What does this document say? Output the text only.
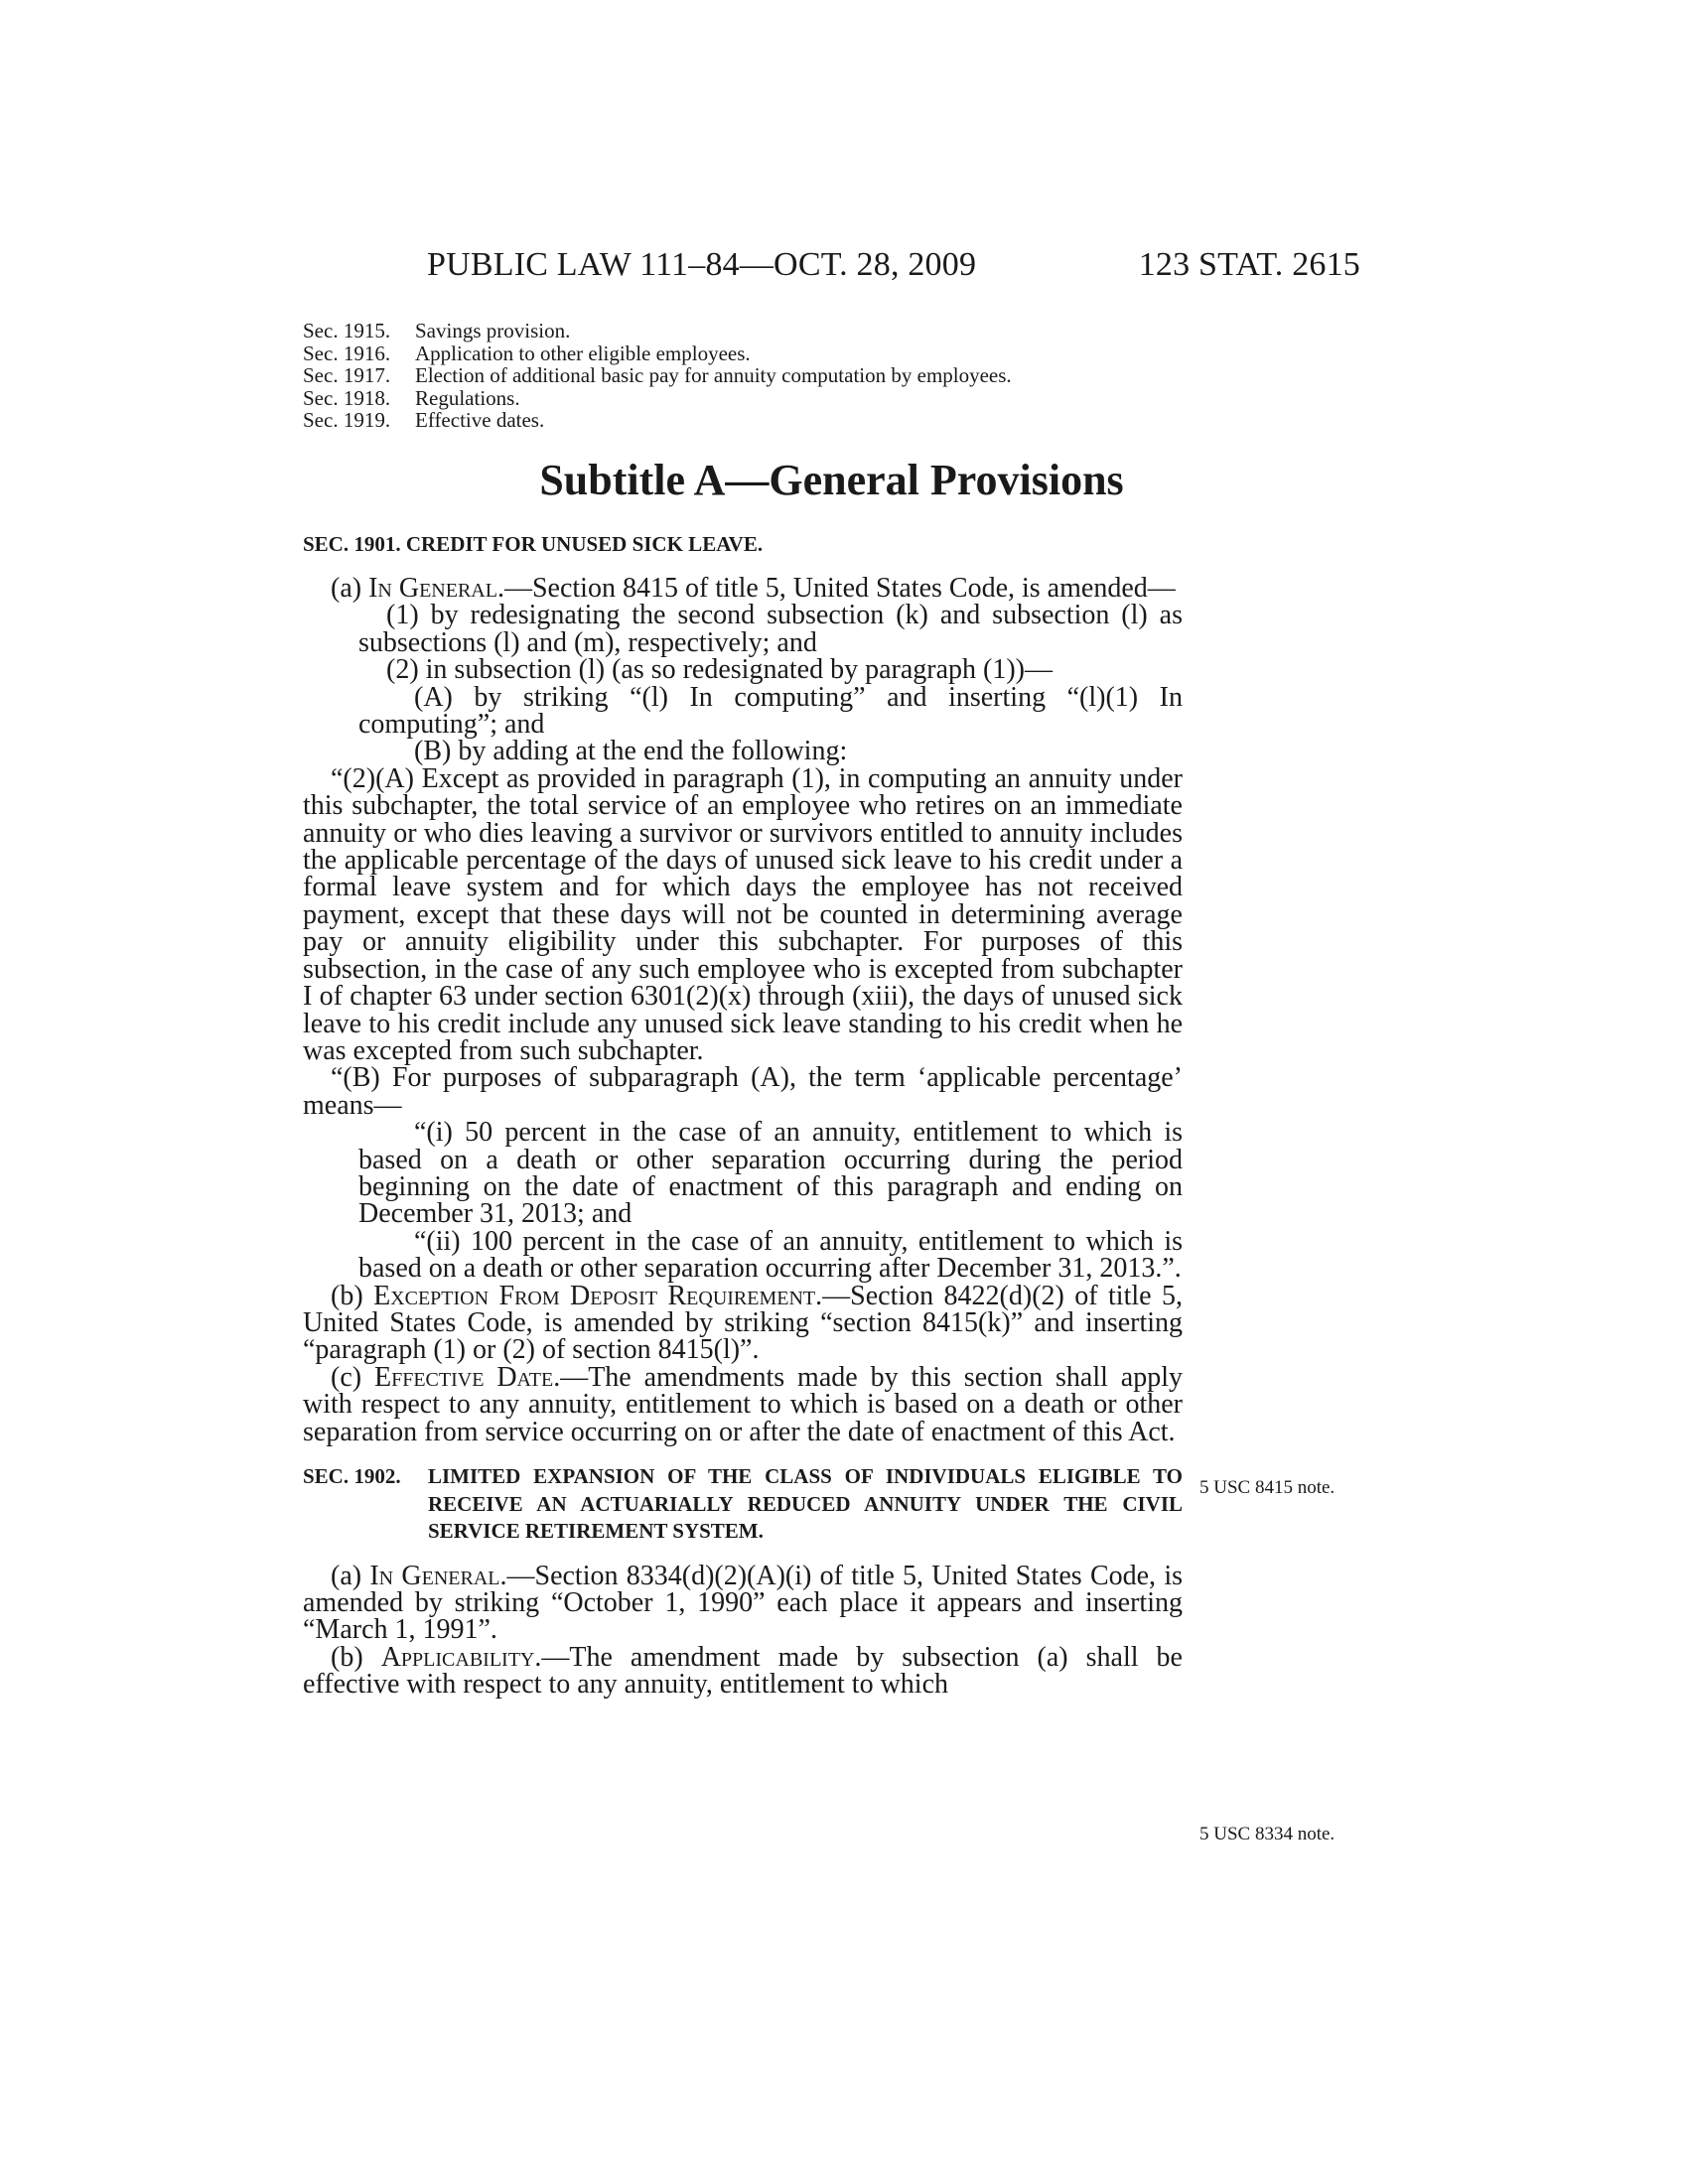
PUBLIC LAW 111–84—OCT. 28, 2009	123 STAT. 2615
Sec. 1915.	Savings provision.
Sec. 1916.	Application to other eligible employees.
Sec. 1917.	Election of additional basic pay for annuity computation by employees.
Sec. 1918.	Regulations.
Sec. 1919.	Effective dates.
Subtitle A—General Provisions
SEC. 1901. CREDIT FOR UNUSED SICK LEAVE.
(a) In General.—Section 8415 of title 5, United States Code, is amended—
(1) by redesignating the second subsection (k) and subsection (l) as subsections (l) and (m), respectively; and
(2) in subsection (l) (as so redesignated by paragraph (1))—
(A) by striking “(l) In computing” and inserting “(l)(1) In computing”; and
(B) by adding at the end the following:
“(2)(A) Except as provided in paragraph (1), in computing an annuity under this subchapter, the total service of an employee who retires on an immediate annuity or who dies leaving a survivor or survivors entitled to annuity includes the applicable percentage of the days of unused sick leave to his credit under a formal leave system and for which days the employee has not received payment, except that these days will not be counted in determining average pay or annuity eligibility under this subchapter. For purposes of this subsection, in the case of any such employee who is excepted from subchapter I of chapter 63 under section 6301(2)(x) through (xiii), the days of unused sick leave to his credit include any unused sick leave standing to his credit when he was excepted from such subchapter.
“(B) For purposes of subparagraph (A), the term ‘applicable percentage’ means—
“(i) 50 percent in the case of an annuity, entitlement to which is based on a death or other separation occurring during the period beginning on the date of enactment of this paragraph and ending on December 31, 2013; and
“(ii) 100 percent in the case of an annuity, entitlement to which is based on a death or other separation occurring after December 31, 2013.”.
(b) Exception From Deposit Requirement.—Section 8422(d)(2) of title 5, United States Code, is amended by striking “section 8415(k)” and inserting “paragraph (1) or (2) of section 8415(l)”.
(c) Effective Date.—The amendments made by this section shall apply with respect to any annuity, entitlement to which is based on a death or other separation from service occurring on or after the date of enactment of this Act.
SEC. 1902.	LIMITED EXPANSION OF THE CLASS OF INDIVIDUALS ELIGIBLE TO RECEIVE AN ACTUARIALLY REDUCED ANNUITY UNDER THE CIVIL SERVICE RETIREMENT SYSTEM.
(a) In General.—Section 8334(d)(2)(A)(i) of title 5, United States Code, is amended by striking “October 1, 1990” each place it appears and inserting “March 1, 1991”.
(b) Applicability.—The amendment made by subsection (a) shall be effective with respect to any annuity, entitlement to which
5 USC 8415 note.
5 USC 8334 note.
